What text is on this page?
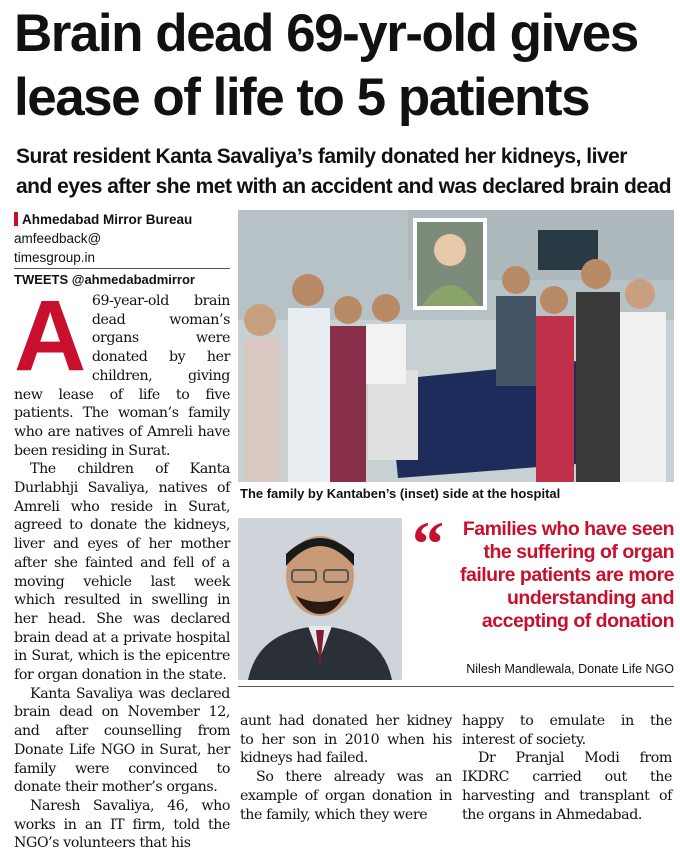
Brain dead 69-yr-old gives
lease of life to 5 patients
Surat resident Kanta Savaliya’s family donated her kidneys, liver
and eyes after she met with an accident and was declared brain dead
Ahmedabad Mirror Bureau
amfeedback@
timesgroup.in
TWEETS @ahmedabadmirror
A 69-year-old brain dead woman’s organs were donated by her children, giving new lease of life to five patients. The woman’s family who are natives of Amreli have been residing in Surat.

The children of Kanta Durlabhji Savaliya, natives of Amreli who reside in Surat, agreed to donate the kidneys, liver and eyes of her mother after she fainted and fell of a moving vehicle last week which resulted in swelling in her head. She was declared brain dead at a private hospital in Surat, which is the epicentre for organ donation in the state.

Kanta Savaliya was declared brain dead on November 12, and after counselling from Donate Life NGO in Surat, her family were convinced to donate their mother’s organs.

Naresh Savaliya, 46, who works in an IT firm, told the NGO’s volunteers that his

The family by Kantaben’s (inset) side at the hospital
“ Families who have seen the suffering of organ failure patients are more understanding and accepting of donation
Nilesh Mandlewala, Donate Life NGO

aunt had donated her kidney to her son in 2010 when his kidneys had failed.

So there already was an example of organ donation in the family, which they were

happy to emulate in the interest of society.

Dr Pranjal Modi from IKDRC carried out the harvesting and transplant of the organs in Ahmedabad.
